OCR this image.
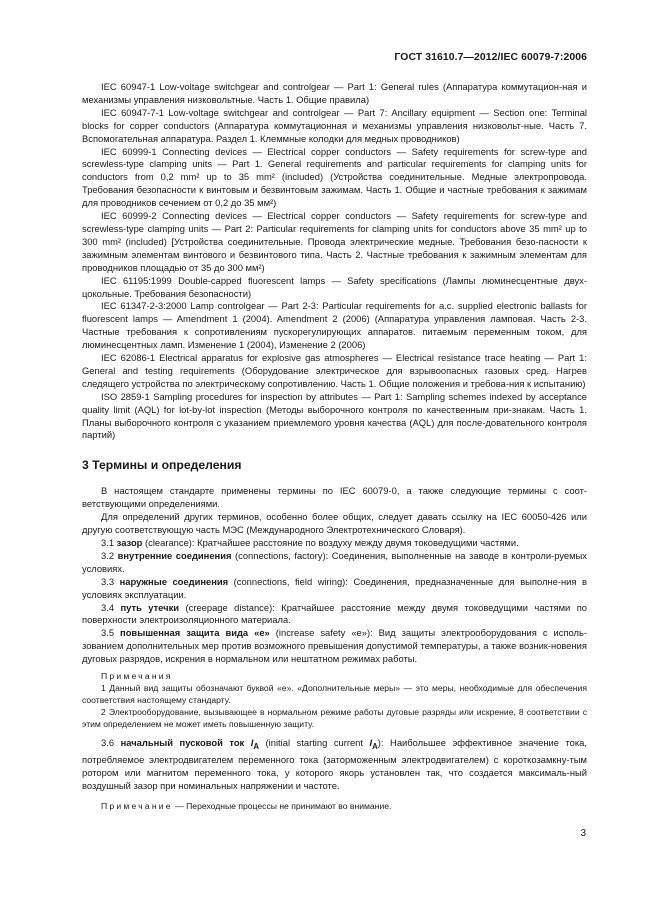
ГОСТ 31610.7—2012/IEC 60079-7:2006

IEC 60947-1 Low-voltage switchgear and controlgear — Part 1: General rules (Аппаратура коммутацион-ная и механизмы управления низковольтные. Часть 1. Общие правила)

IEC 60947-7-1 Low-voltage switchgear and controlgear — Part 7: Ancillary equipment — Section one: Terminal blocks for copper conductors (Аппаратура коммутационная и механизмы управления низковольт-ные. Часть 7. Вспомогательная аппаратура. Раздел 1. Клеммные колодки для медных проводников)

IEC 60999-1 Connecting devices — Electrical copper conductors — Safety requirements for screw-type and screwless-type clamping units — Part 1. General requirements and particular requirements for clamping units for conductors from 0,2 mm² up to 35 mm² (included) (Устройства соединительные. Медные электропровода. Требования безопасности к винтовым и безвинтовым зажимам. Часть 1. Общие и частные требования к зажимам для проводников сечением от 0,2 до 35 мм²)

IEC 60999-2 Connecting devices — Electrical copper conductors — Safety requirements for screw-type and screwless-type clamping units — Part 2: Particular requirements for clamping units for conductors above 35 mm² up to 300 mm² (included) [Устройства соединительные. Провода электрические медные. Требования безо-пасности к зажимным элементам винтового и безвинтового типа. Часть 2. Частные требования к зажимным элементам для проводников площадью от 35 до 300 мм²)

IEC 61195:1999 Double-capped fluorescent lamps — Safety specifications (Лампы люминесцентные двух-цокольные. Требования безопасности)

IEC 61347-2-3:2000 Lamp controlgear — Part 2-3: Particular requirements for a.c. supplied electronic ballasts for fluorescent lamps — Amendment 1 (2004). Amendment 2 (2006) (Аппаратура управления ламповая. Часть 2-3. Частные требования к сопротивлениям пускорегулирующих аппаратов. питаемым переменным током, для люминесцентных ламп. Изменение 1 (2004), Изменение 2 (2006)

IEC 62086-1 Electrical apparatus for explosive gas atmospheres — Electrical resistance trace heating — Part 1: General and testing requirements (Оборудование электрическое для взрывоопасных газовых сред. Нагрев следящего устройства по электрическому сопротивлению. Часть 1. Общие положения и требова-ния к испытанию)

ISO 2859-1 Sampling procedures for inspection by attributes — Part 1: Sampling schemes indexed by acceptance quality limit (AQL) for lot-by-lot inspection (Методы выборочного контроля по качественным при-знакам. Часть 1. Планы выборочного контроля с указанием приемлемого уровня качества (AQL) для после-довательного контроля партий)

3 Термины и определения

В настоящем стандарте применены термины по IEC 60079-0, а также следующие термины с соот-ветствующими определениями.

Для определений других терминов, особенно более общих, следует давать ссылку на IEC 60050-426 или другую соответствующую часть МЭС (Международного Электротехнического Словаря).

3.1 зазор (clearance): Кратчайшее расстояние по воздуху между двумя токоведущими частями.

3.2 внутренние соединения (connections, factory): Соединения, выполненные на заводе в контроли-руемых условиях.

3.3 наружные соединения (connections, field wiring): Соединения, предназначенные для выполне-ния в условиях эксплуатации.

3.4 путь утечки (creepage distance): Кратчайшее расстояние между двумя токоведущими частями по поверхности электроизоляционного материала.

3.5 повышенная защита вида «е» (increase safety «е»): Вид защиты электрооборудования с исполь-зованием дополнительных мер против возможного превышения допустимой температуры, а также возник-новения дуговых разрядов, искрения в нормальном или нештатном режимах работы.

Примечания

1 Данный вид защиты обозначают буквой «е». «Дополнительные меры» — это меры, необходимые для обеспечения соответствия настоящему стандарту.

2 Электрооборудование, вызывающее в нормальном режиме работы дуговые разряды или искрение, 8 соответствии с этим определением не может иметь повышенную защиту.

3.6 начальный пусковой ток $I_A$ (initial starting current $I_A$): Наибольшее эффективное значение тока, потребляемое электродвигателем переменного тока (заторможенным электродвигателем) с короткозамкну-тым ротором или магнитом переменного тока, у которого якорь установлен так, что создается максималь-ный воздушный зазор при номинальных напряжении и частоте.

Примечание — Переходные процессы не принимают во внимание.

3
